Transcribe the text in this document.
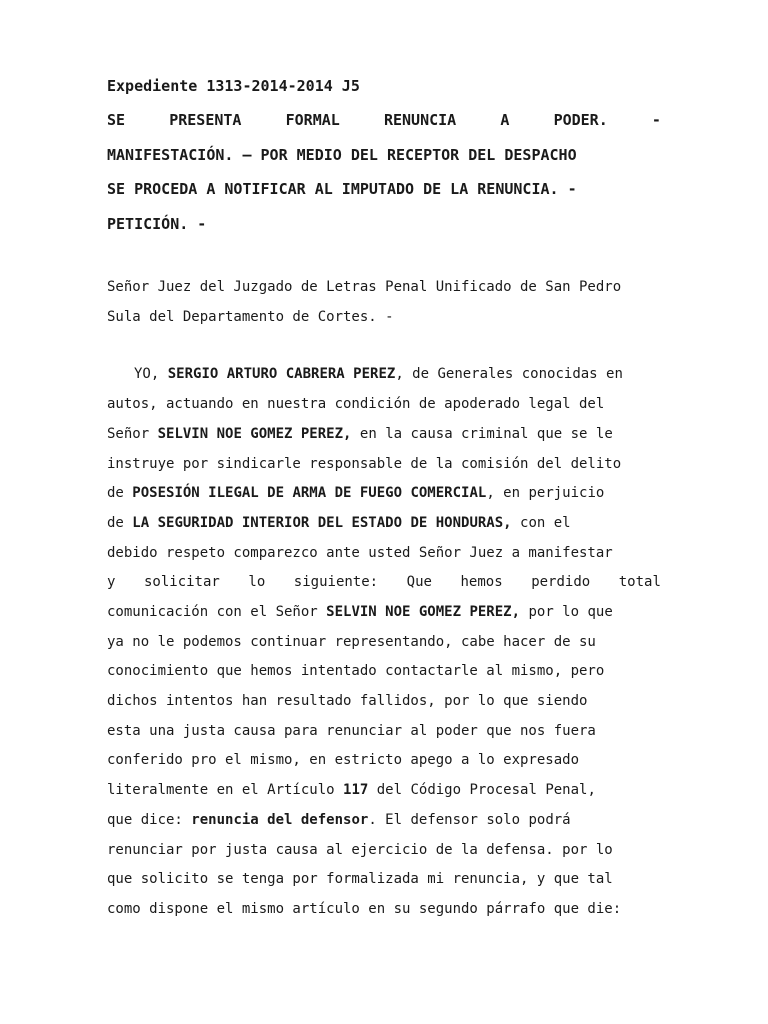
Expediente 1313-2014-2014 J5
SE	PRESENTA	FORMAL	RENUNCIA	A	PODER.	-
MANIFESTACIÓN. – POR MEDIO DEL RECEPTOR DEL DESPACHO
SE PROCEDA A NOTIFICAR AL IMPUTADO DE LA RENUNCIA. -
PETICIÓN. -
Señor Juez del Juzgado de Letras Penal Unificado de San Pedro
Sula del Departamento de Cortes. -
YO, SERGIO ARTURO CABRERA PEREZ, de Generales conocidas en
autos, actuando en nuestra condición de apoderado legal del
Señor SELVIN NOE GOMEZ PEREZ, en la causa criminal que se le
instruye por sindicarle responsable de la comisión del delito
de POSESIÓN ILEGAL DE ARMA DE FUEGO COMERCIAL, en perjuicio
de LA SEGURIDAD INTERIOR DEL ESTADO DE HONDURAS, con el
debido respeto comparezco ante usted Señor Juez a manifestar
y solicitar lo siguiente: Que hemos perdido total
comunicación con el Señor SELVIN NOE GOMEZ PEREZ, por lo que
ya no le podemos continuar representando, cabe hacer de su
conocimiento que hemos intentado contactarle al mismo, pero
dichos intentos han resultado fallidos, por lo que siendo
esta una justa causa para renunciar al poder que nos fuera
conferido pro el mismo, en estricto apego a lo expresado
literalmente en el Artículo 117 del Código Procesal Penal,
que dice: renuncia del defensor. El defensor solo podrá
renunciar por justa causa al ejercicio de la defensa. por lo
que solicito se tenga por formalizada mi renuncia, y que tal
como dispone el mismo artículo en su segundo párrafo que die:
